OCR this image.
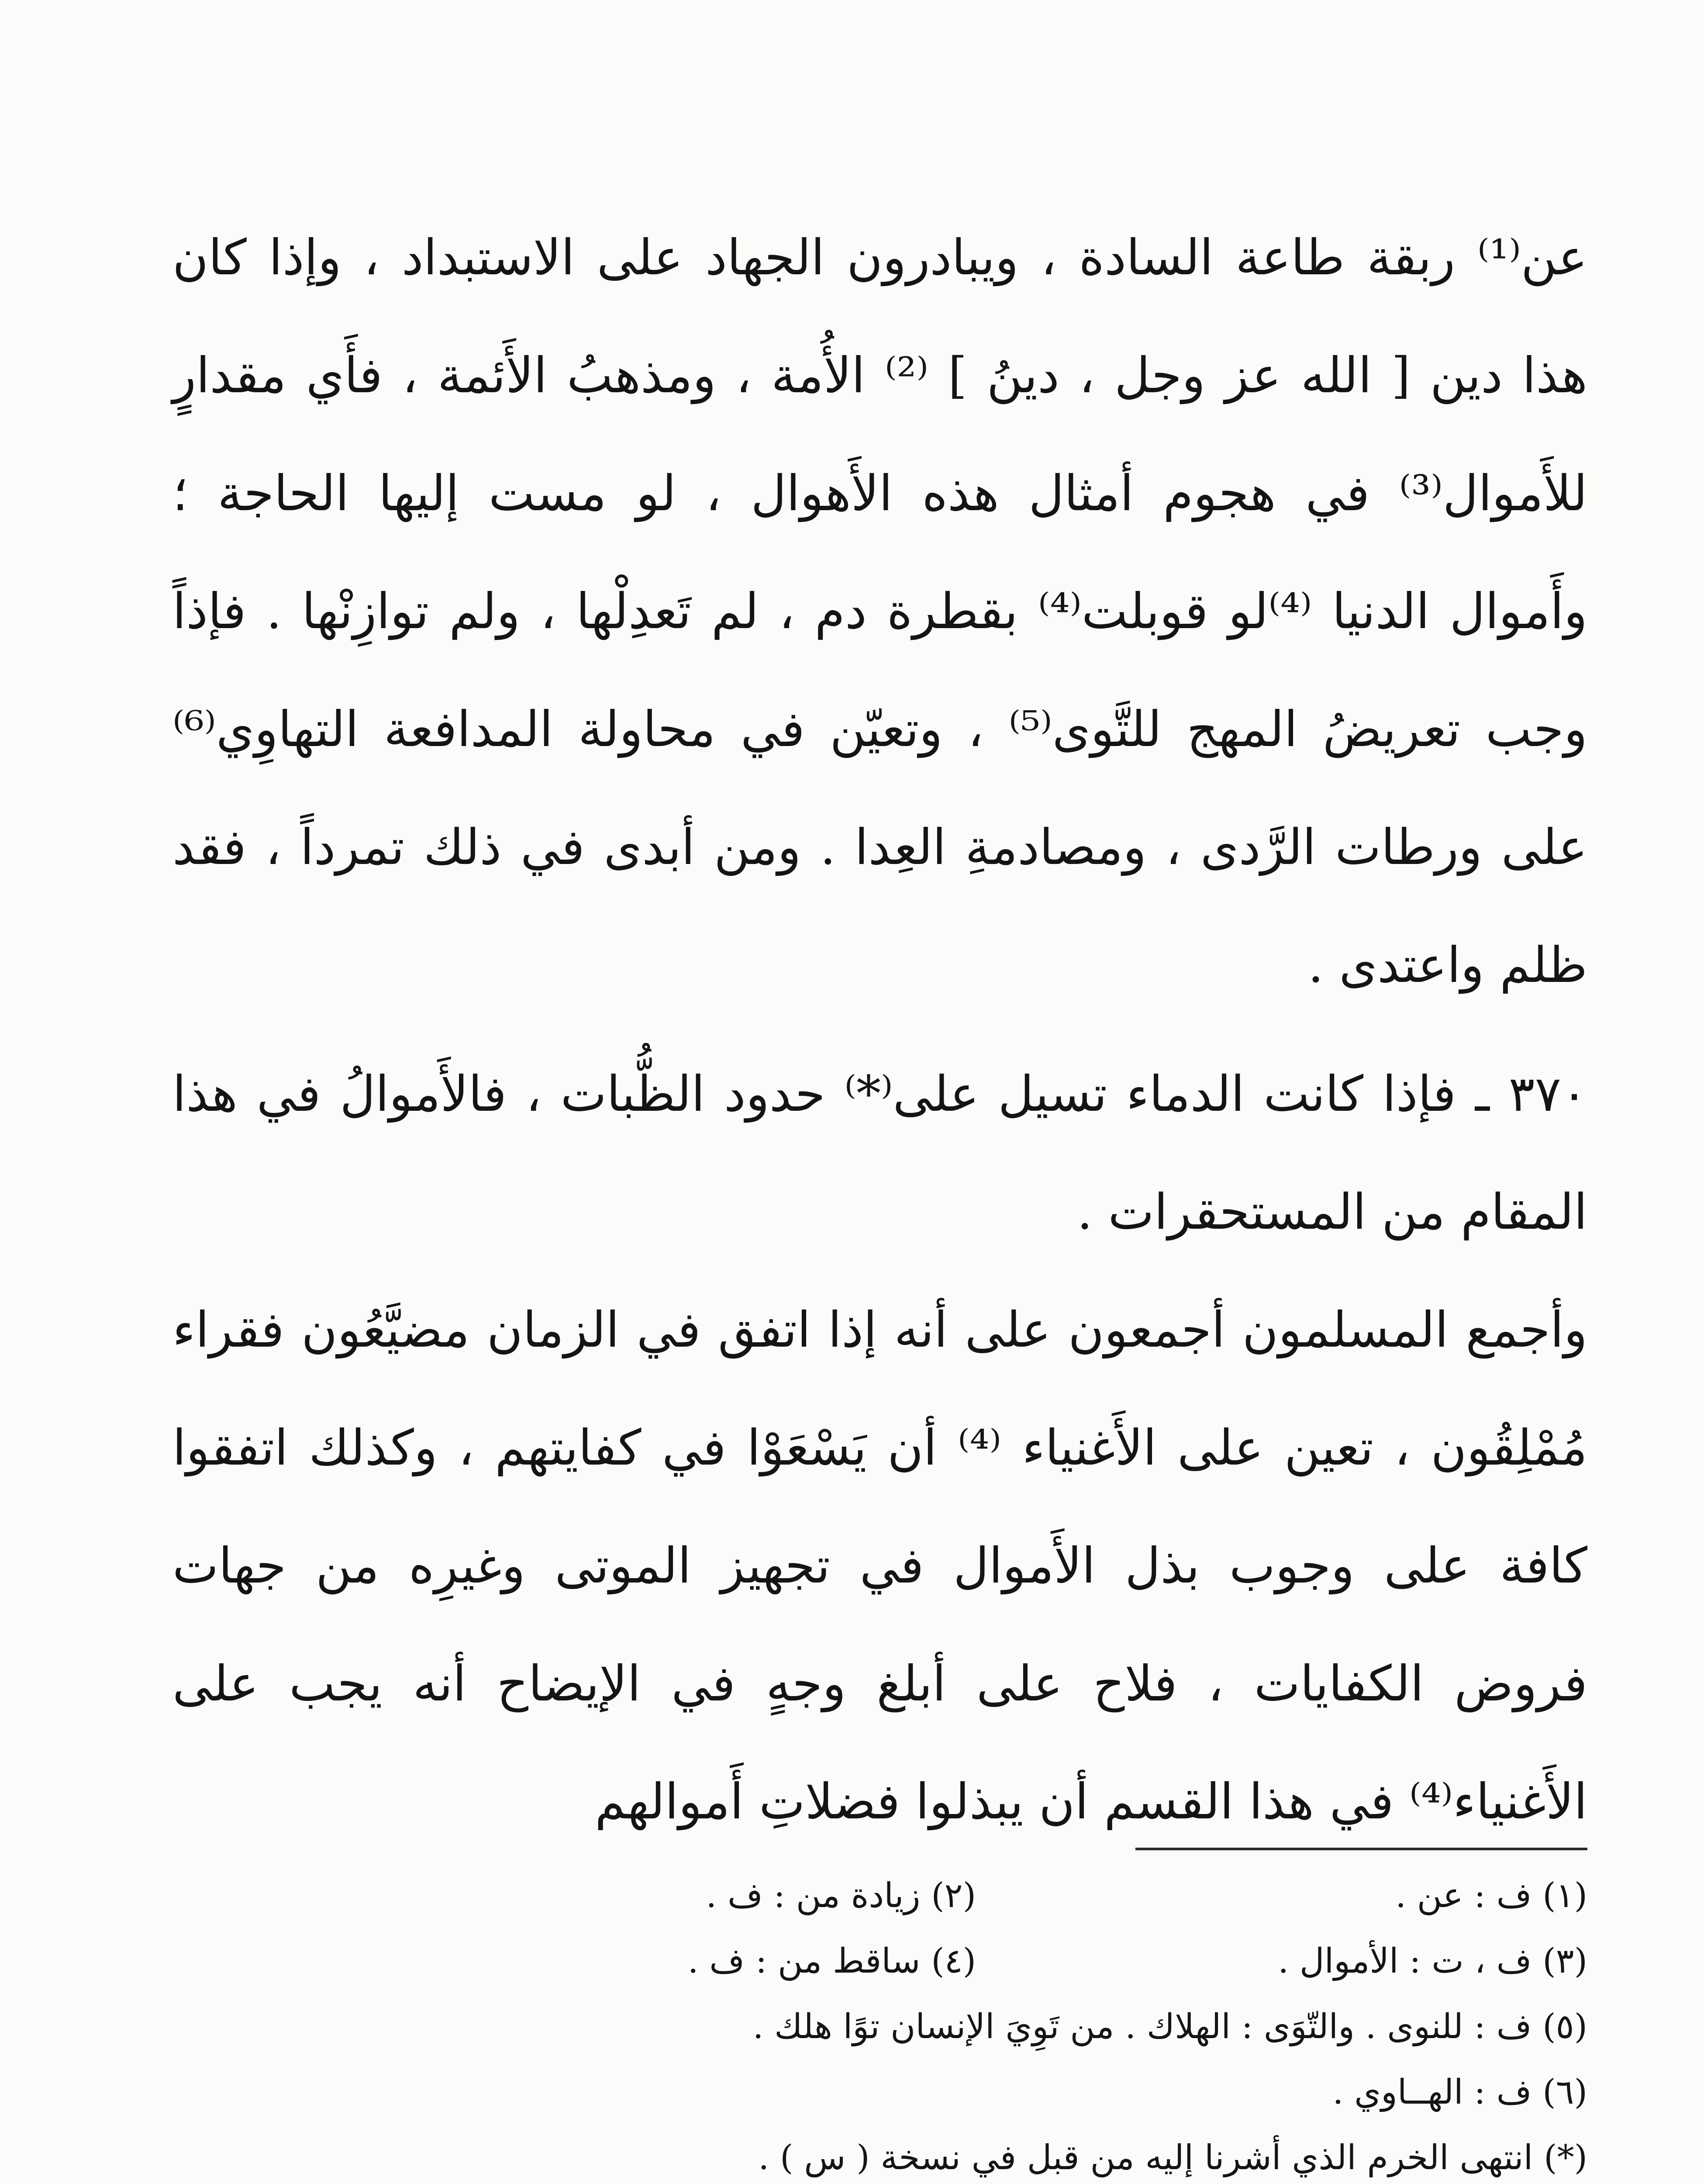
عن⁽¹⁾ ربقة طاعة السادة ، ويبادرون الجهاد على الاستبداد ، وإذا كان هذا دين [ الله عز وجل ، دينُ ] ⁽²⁾ الأُمة ، ومذهبُ الأَئمة ، فأَي مقدارٍ للأَموال⁽³⁾ في هجوم أمثال هذه الأَهوال ، لو مست إليها الحاجة ؛ وأَموال الدنيا ⁽⁴⁾لو قوبلت⁽⁴⁾ بقطرة دم ، لم تَعدِلْها ، ولم توازِنْها . فإذاً وجب تعريضُ المهج للتَّوى⁽⁵⁾ ، وتعيّن في محاولة المدافعة التهاوِي⁽⁶⁾ على ورطات الرَّدى ، ومصادمةِ العِدا . ومن أبدى في ذلك تمرداً ، فقد ظلم واعتدى .

٣٧٠ ـ فإذا كانت الدماء تسيل على⁽*⁾ حدود الظُّبات ، فالأَموالُ في هذا المقام من المستحقرات .

وأجمع المسلمون أجمعون على أنه إذا اتفق في الزمان مضيَّعُون فقراء مُمْلِقُون ، تعين على الأَغنياء ⁽⁴⁾ أن يَسْعَوْا في كفايتهم ، وكذلك اتفقوا كافة على وجوب بذل الأَموال في تجهيز الموتى وغيرِه من جهات فروض الكفايات ، فلاح على أبلغ وجهٍ في الإيضاح أنه يجب على الأَغنياء⁽⁴⁾ في هذا القسم أن يبذلوا فضلاتِ أَموالهم

(١) ف : عن .
(٢) زيادة من : ف .
(٣) ف ، ت : الأموال .
(٤) ساقط من : ف .
(٥) ف : للنوى . والتّوَى : الهلاك . من تَوِيَ الإنسان توًا هلك .
(٦) ف : الهــاوي .
(*) انتهى الخرم الذي أشرنا إليه من قبل في نسخة ( س ) .
